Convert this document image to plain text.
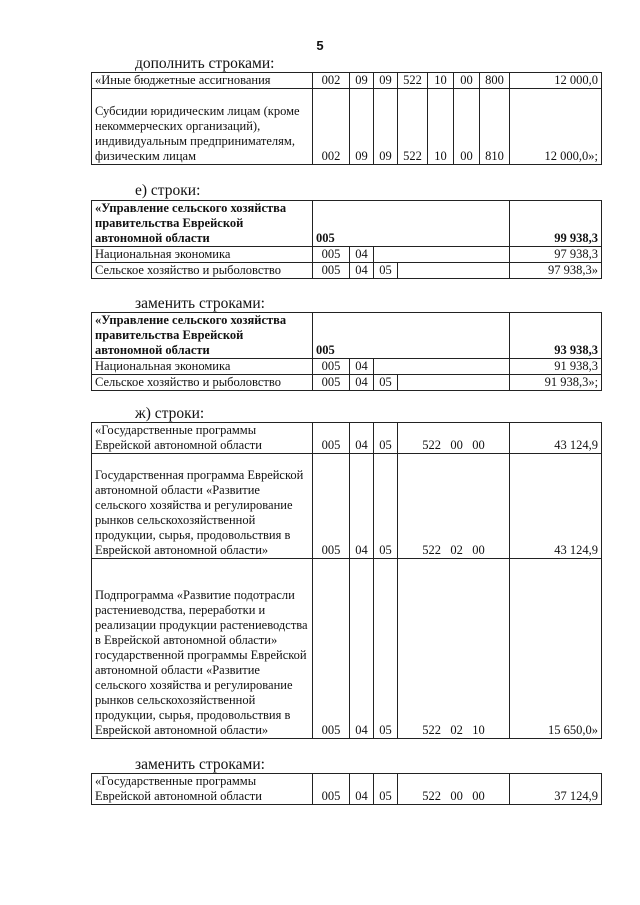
5
дополнить строками:
«Иные бюджетные ассигнования	002	09	09	522	10	00	800	12 000,0
Субсидии юридическим лицам (кроме некоммерческих организаций), индивидуальным предпринимателям, физическим лицам	002	09	09	522	10	00	810	12 000,0»;
е) строки:
«Управление сельского хозяйства правительства Еврейской автономной области	005				99 938,3
Национальная экономика	005	04			97 938,3
Сельское хозяйство и рыболовство	005	04	05		97 938,3»
заменить строками:
«Управление сельского хозяйства правительства Еврейской автономной области	005				93 938,3
Национальная экономика	005	04			91 938,3
Сельское хозяйство и рыболовство	005	04	05		91 938,3»;
ж) строки:
«Государственные программы Еврейской автономной области	005	04	05	522 00 00	43 124,9
Государственная программа Еврейской автономной области «Развитие сельского хозяйства и регулирование рынков сельскохозяйственной продукции, сырья, продовольствия в Еврейской автономной области»	005	04	05	522 02 00	43 124,9
Подпрограмма «Развитие подотрасли растениеводства, переработки и реализации продукции растениеводства в Еврейской автономной области» государственной программы Еврейской автономной области «Развитие сельского хозяйства и регулирование рынков сельскохозяйственной продукции, сырья, продовольствия в Еврейской автономной области»	005	04	05	522 02 10	15 650,0»
заменить строками:
«Государственные программы Еврейской автономной области	005	04	05	522 00 00	37 124,9
